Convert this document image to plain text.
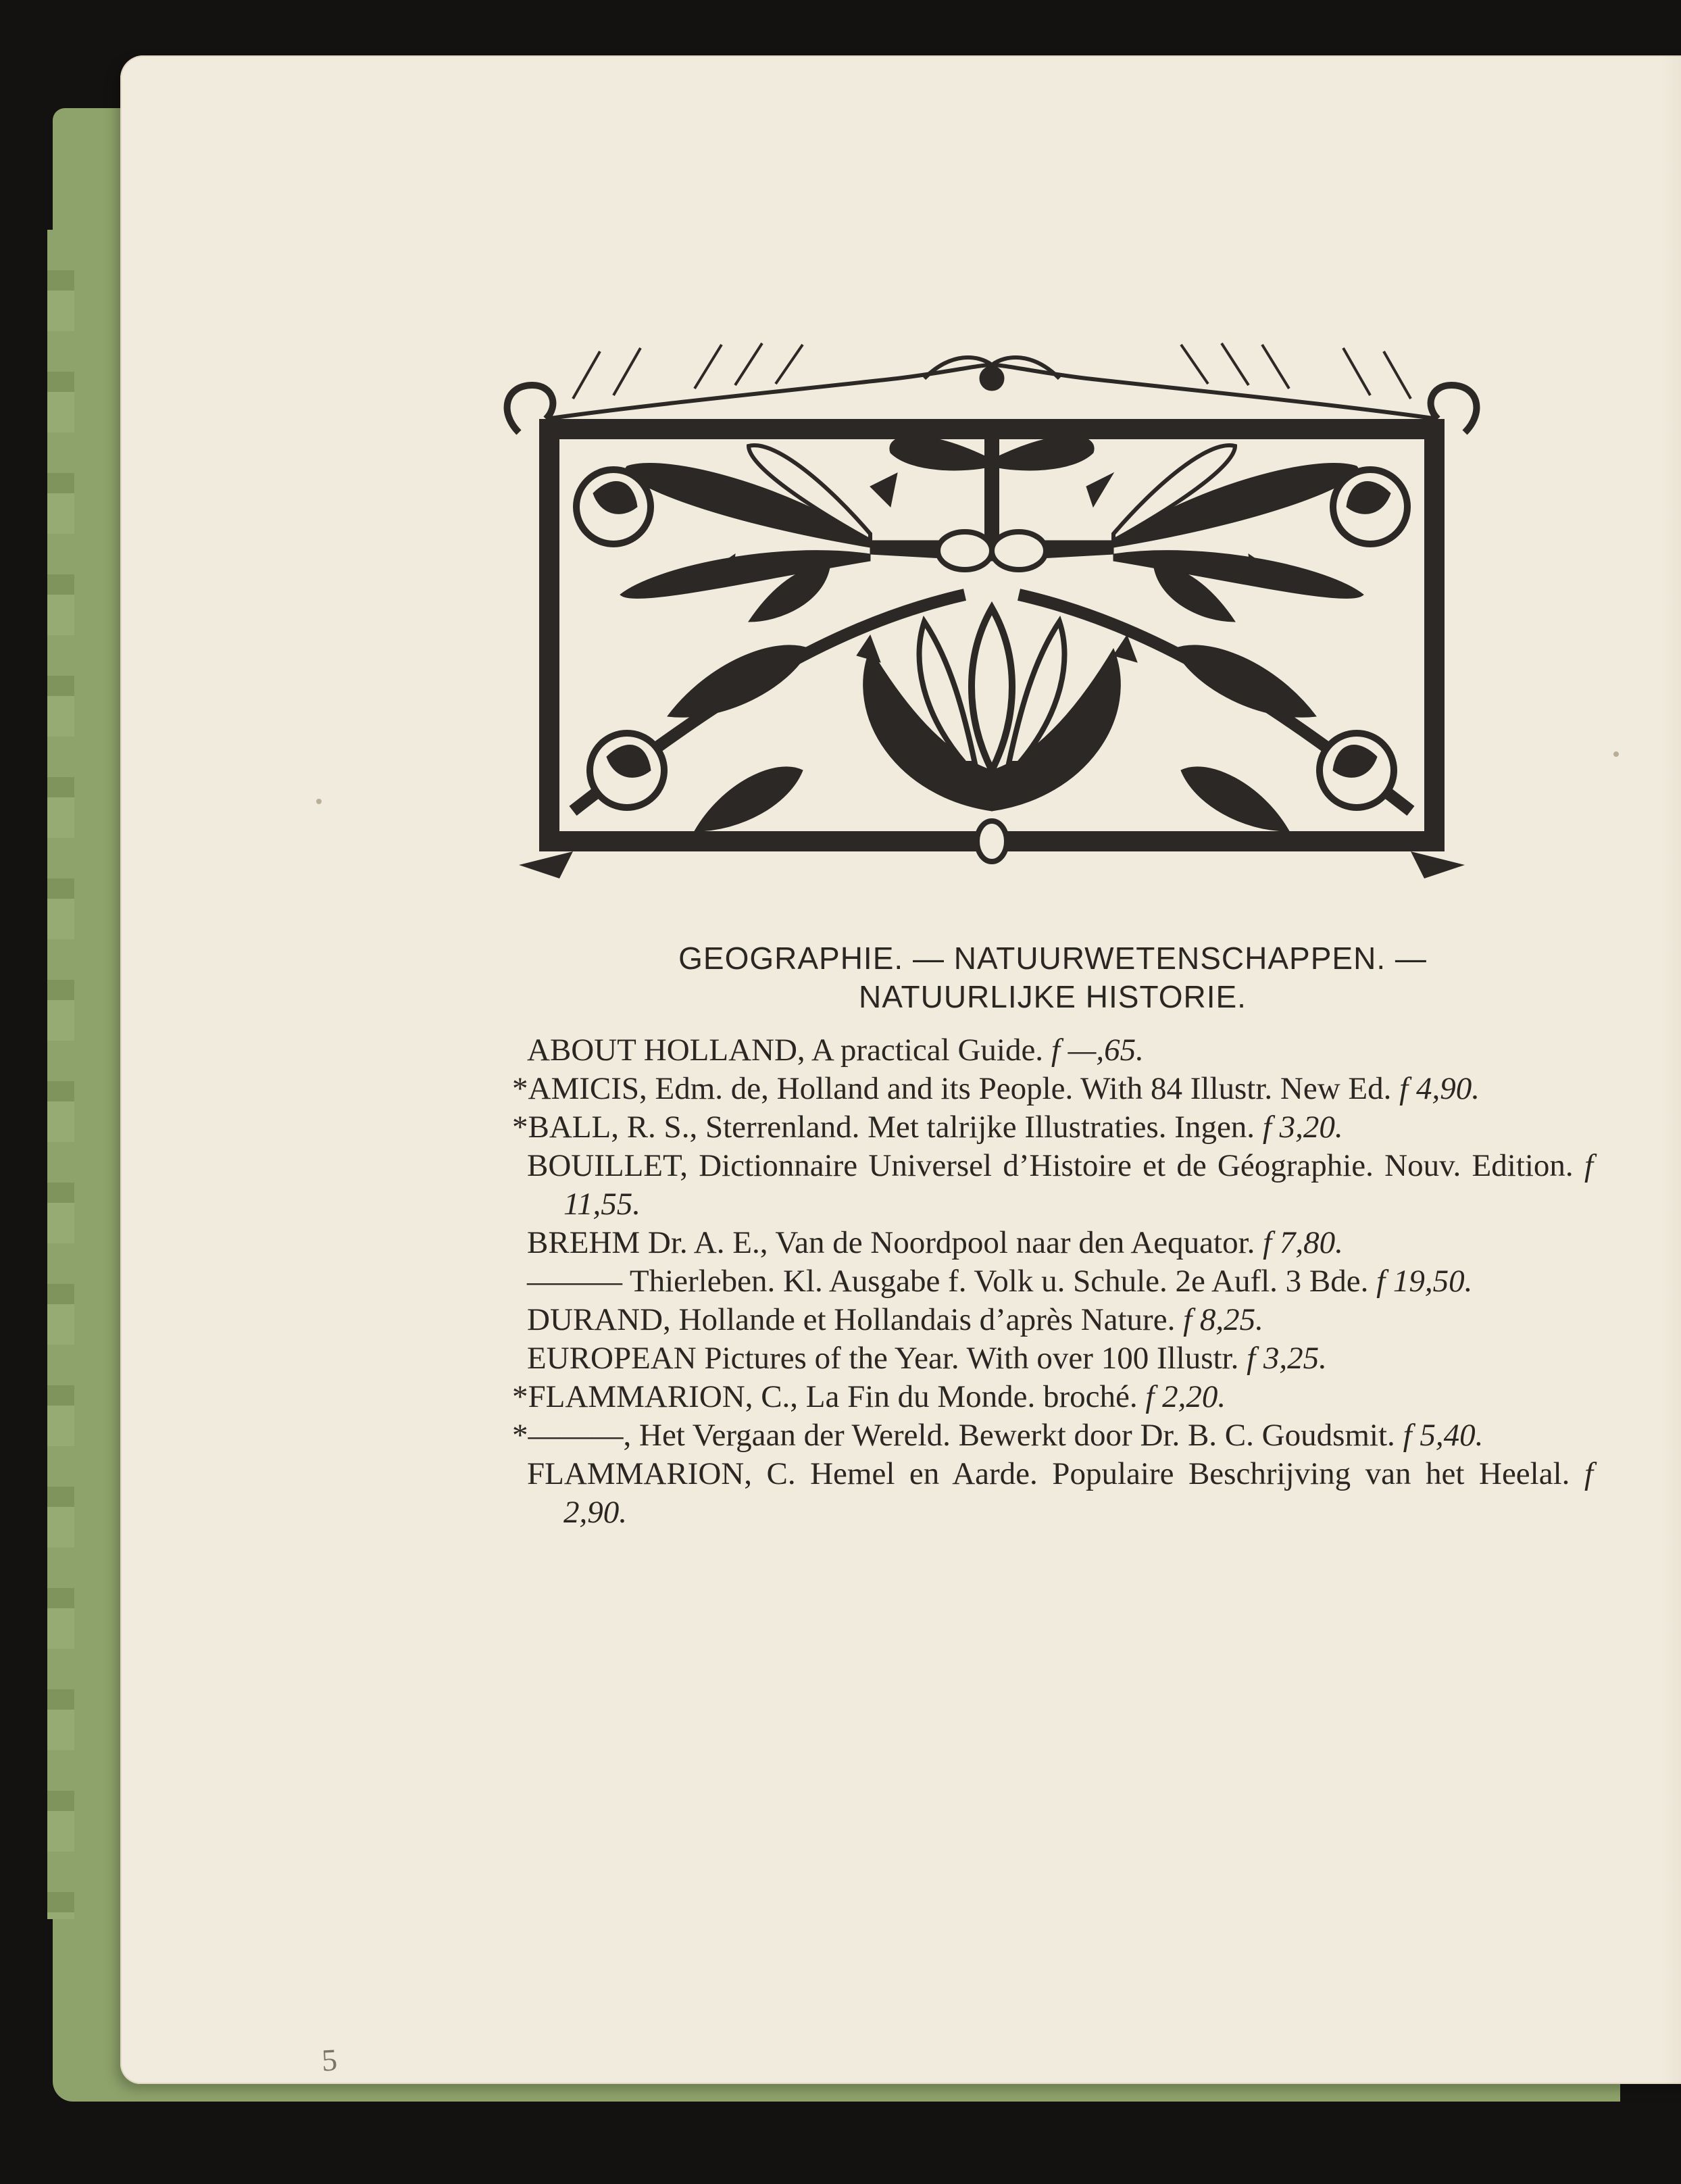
5

GEOGRAPHIE. — NATUURWETENSCHAPPEN. —

NATUURLIJKE HISTORIE.

ABOUT HOLLAND, A practical Guide. f —,65.
*AMICIS, Edm. de, Holland and its People. With 84 Illustr. New Ed. f 4,90.
*BALL, R. S., Sterrenland. Met talrijke Illustraties. Ingen. f 3,20.
BOUILLET, Dictionnaire Universel d’Histoire et de Géographie. Nouv. Edition. f 11,55.
BREHM Dr. A. E., Van de Noordpool naar den Aequator. f 7,80.
——— Thierleben. Kl. Ausgabe f. Volk u. Schule. 2e Aufl. 3 Bde. f 19,50.
DURAND, Hollande et Hollandais d’après Nature. f 8,25.
EUROPEAN Pictures of the Year. With over 100 Illustr. f 3,25.
*FLAMMARION, C., La Fin du Monde. broché. f 2,20.
*———, Het Vergaan der Wereld. Bewerkt door Dr. B. C. Goudsmit. f 5,40.
FLAMMARION, C. Hemel en Aarde. Populaire Beschrijving van het Heelal. f 2,90.
